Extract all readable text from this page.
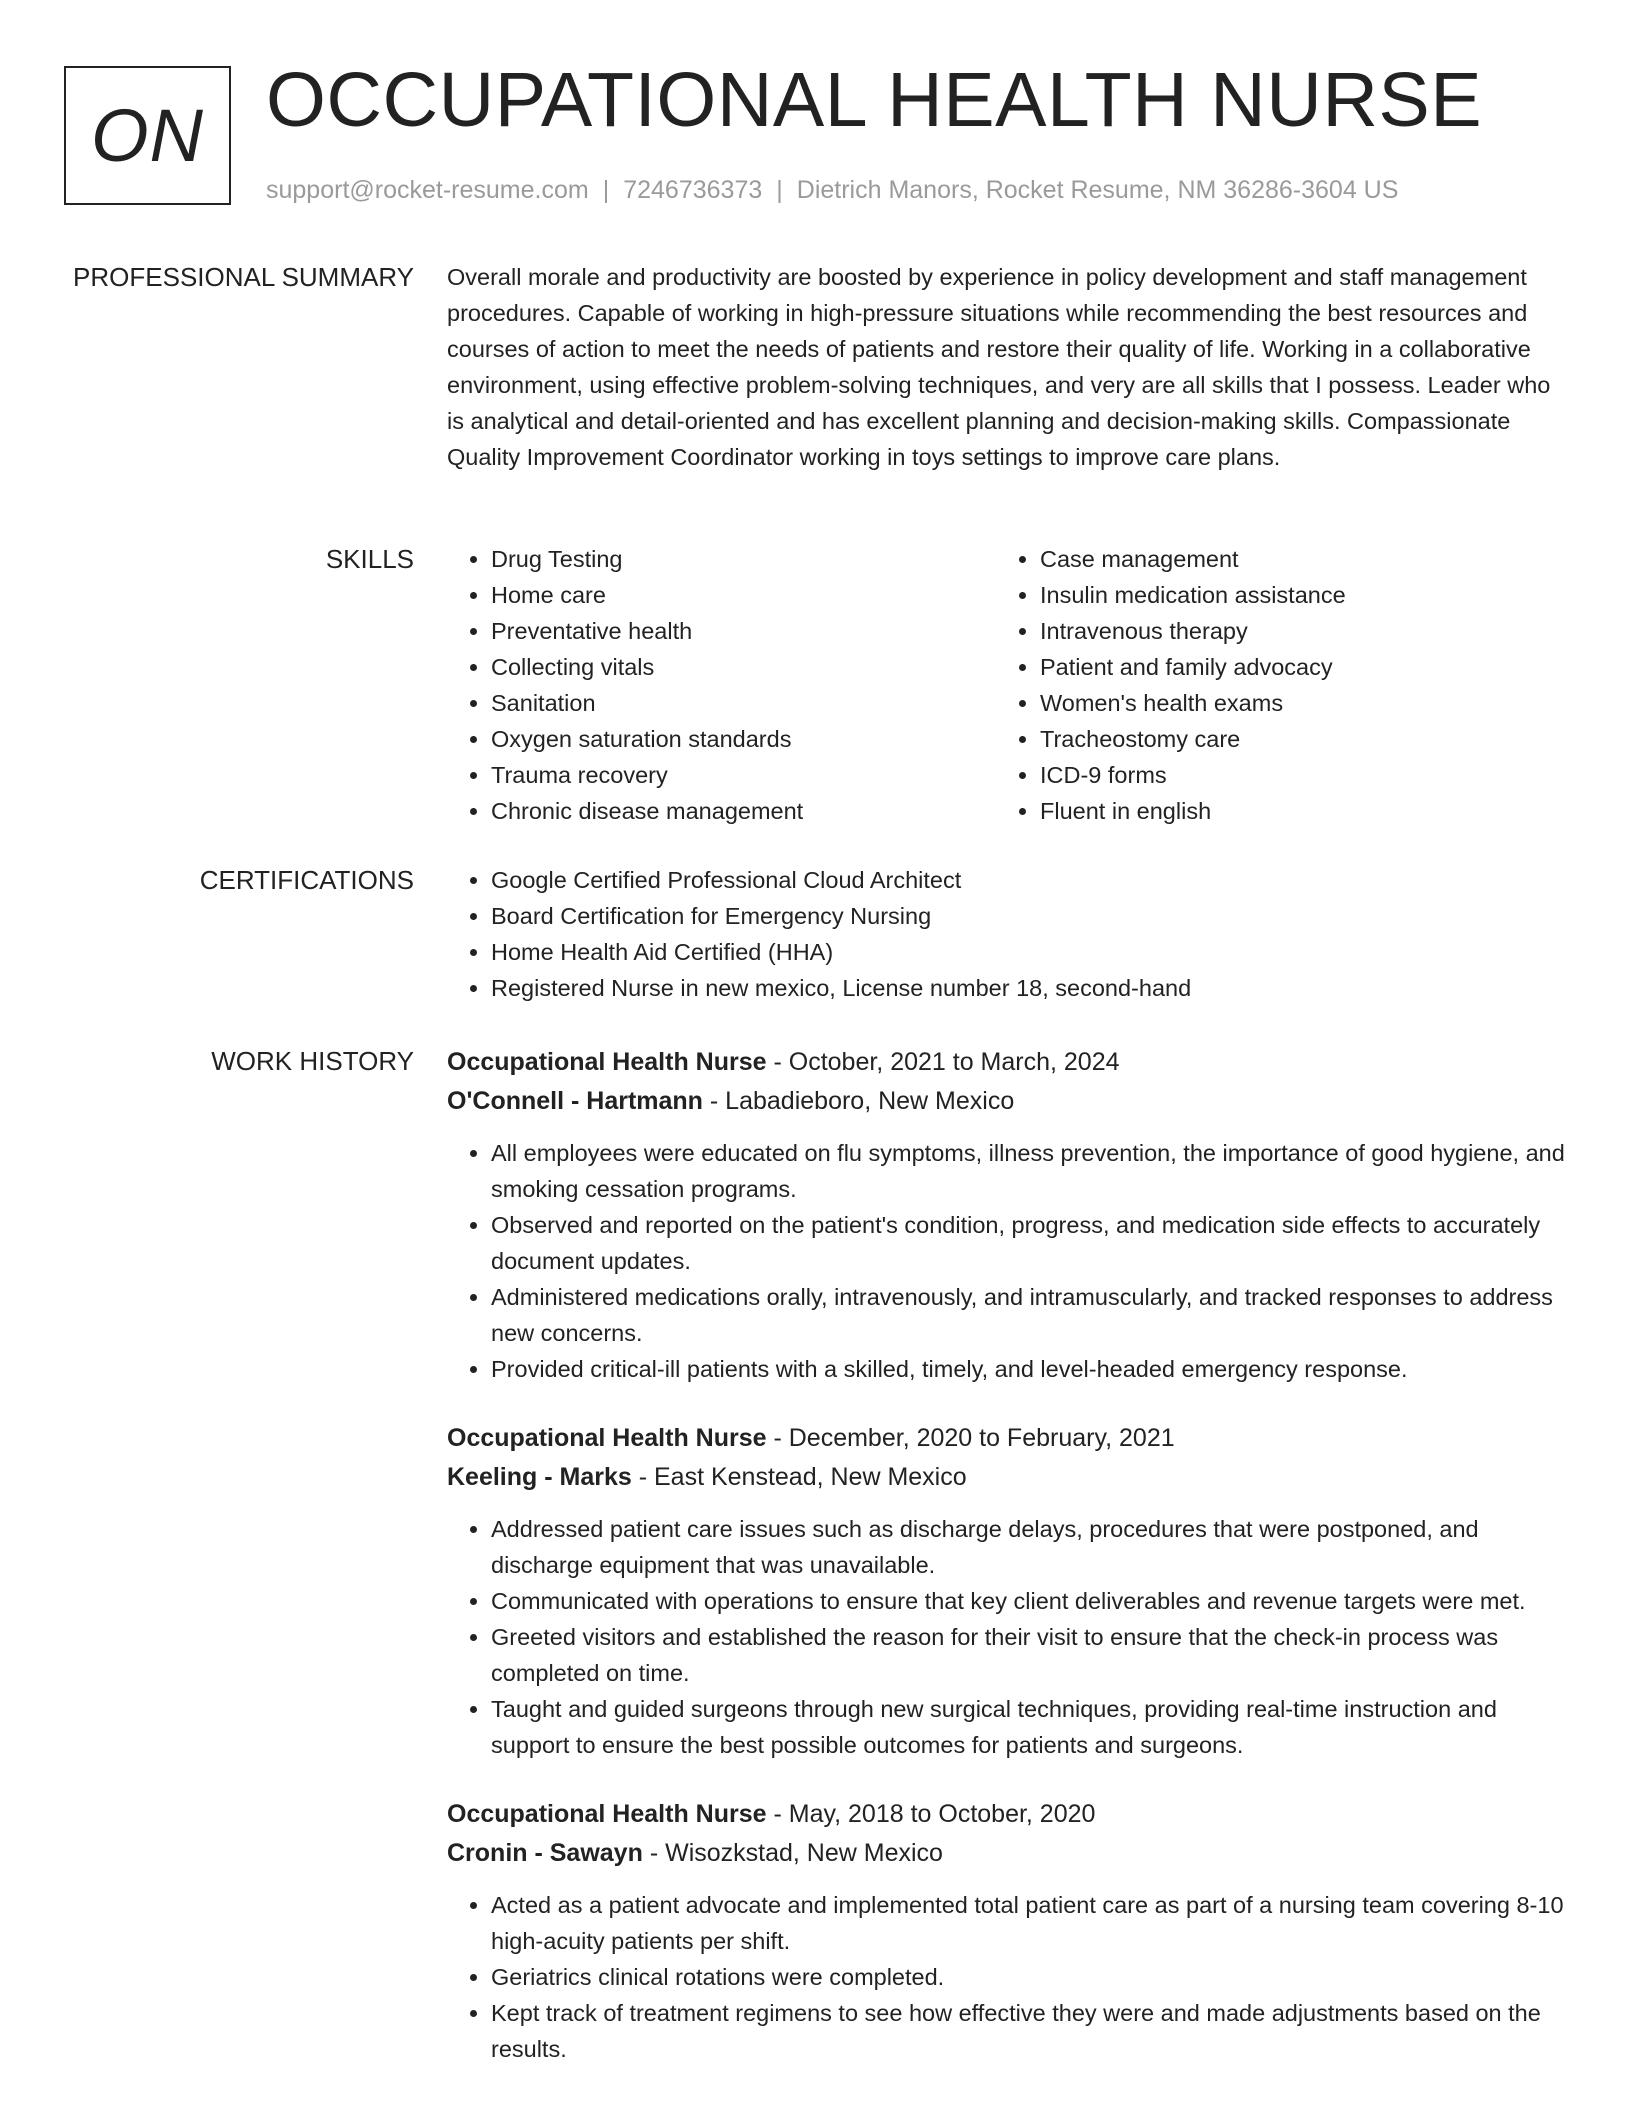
ON OCCUPATIONAL HEALTH NURSE
support@rocket-resume.com | 7246736373 | Dietrich Manors, Rocket Resume, NM 36286-3604 US
PROFESSIONAL SUMMARY Overall morale and productivity are boosted by experience in policy development and staff management procedures. Capable of working in high-pressure situations while recommending the best resources and courses of action to meet the needs of patients and restore their quality of life. Working in a collaborative environment, using effective problem-solving techniques, and very are all skills that I possess. Leader who is analytical and detail-oriented and has excellent planning and decision-making skills. Compassionate Quality Improvement Coordinator working in toys settings to improve care plans.
SKILLS	• Drug Testing
• Home care
• Preventative health
• Collecting vitals
• Sanitation
• Oxygen saturation standards
• Trauma recovery
• Chronic disease management
• Case management
• Insulin medication assistance
• Intravenous therapy
• Patient and family advocacy
• Women's health exams
• Tracheostomy care
• ICD-9 forms
• Fluent in english
CERTIFICATIONS	• Google Certified Professional Cloud Architect
• Board Certification for Emergency Nursing
• Home Health Aid Certified (HHA)
• Registered Nurse in new mexico, License number 18, second-hand
WORK HISTORY Occupational Health Nurse - October, 2021 to March, 2024
O'Connell - Hartmann - Labadieboro, New Mexico
• All employees were educated on flu symptoms, illness prevention, the importance of good hygiene, and smoking cessation programs.
• Observed and reported on the patient's condition, progress, and medication side effects to accurately document updates.
• Administered medications orally, intravenously, and intramuscularly, and tracked responses to address new concerns.
• Provided critical-ill patients with a skilled, timely, and level-headed emergency response.
Occupational Health Nurse - December, 2020 to February, 2021
Keeling - Marks - East Kenstead, New Mexico
• Addressed patient care issues such as discharge delays, procedures that were postponed, and discharge equipment that was unavailable.
• Communicated with operations to ensure that key client deliverables and revenue targets were met.
• Greeted visitors and established the reason for their visit to ensure that the check-in process was completed on time.
• Taught and guided surgeons through new surgical techniques, providing real-time instruction and support to ensure the best possible outcomes for patients and surgeons.
Occupational Health Nurse - May, 2018 to October, 2020
Cronin - Sawayn - Wisozkstad, New Mexico
• Acted as a patient advocate and implemented total patient care as part of a nursing team covering 8-10 high-acuity patients per shift.
• Geriatrics clinical rotations were completed.
• Kept track of treatment regimens to see how effective they were and made adjustments based on the results.
